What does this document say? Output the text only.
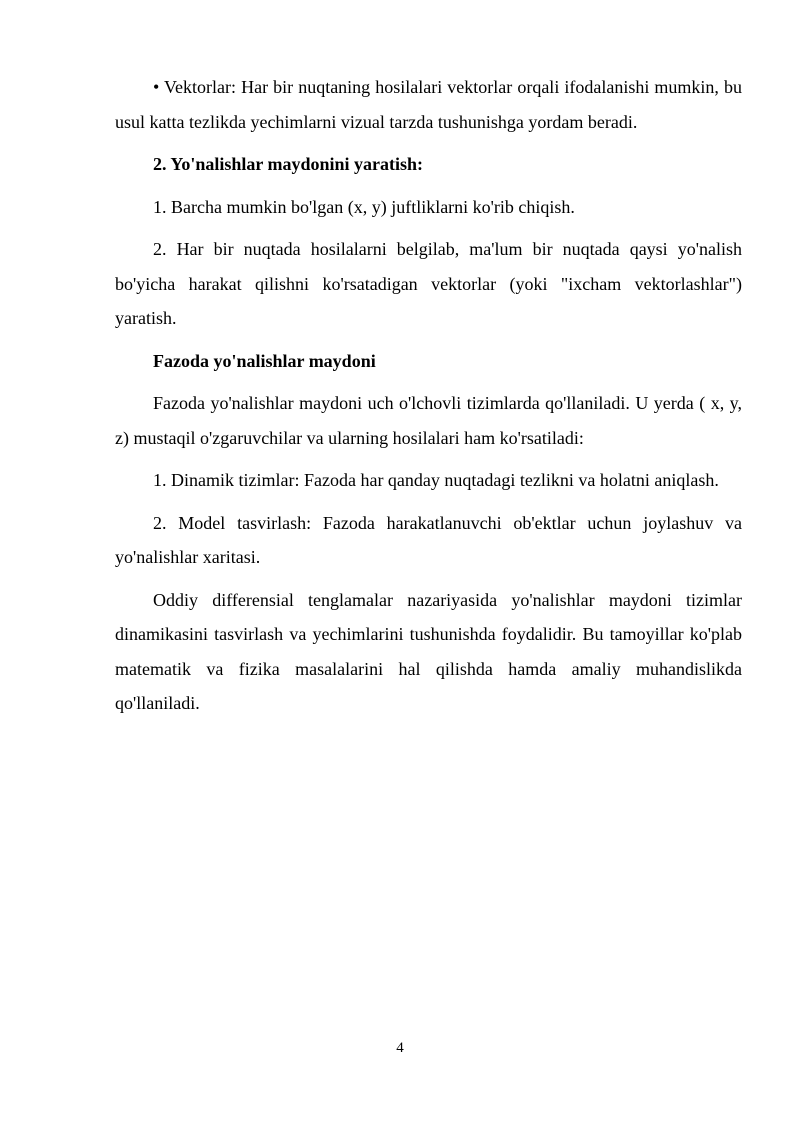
• Vektorlar: Har bir nuqtaning hosilalari vektorlar orqali ifodalanishi mumkin, bu usul katta tezlikda yechimlarni vizual tarzda tushunishga yordam beradi.

2. Yo'nalishlar maydonini yaratish:

1. Barcha mumkin bo'lgan (x, y) juftliklarni ko'rib chiqish.

2. Har bir nuqtada hosilalarni belgilab, ma'lum bir nuqtada qaysi yo'nalish bo'yicha harakat qilishni ko'rsatadigan vektorlar (yoki "ixcham vektorlashlar") yaratish.

Fazoda yo'nalishlar maydoni

Fazoda yo'nalishlar maydoni uch o'lchovli tizimlarda qo'llaniladi. U yerda ( x, y, z) mustaqil o'zgaruvchilar va ularning hosilalari ham ko'rsatiladi:

1. Dinamik tizimlar: Fazoda har qanday nuqtadagi tezlikni va holatni aniqlash.

2. Model tasvirlash: Fazoda harakatlanuvchi ob'ektlar uchun joylashuv va yo'nalishlar xaritasi.

Oddiy differensial tenglamalar nazariyasida yo'nalishlar maydoni tizimlar dinamikasini tasvirlash va yechimlarini tushunishda foydalidir. Bu tamoyillar ko'plab matematik va fizika masalalarini hal qilishda hamda amaliy muhandislikda qo'llaniladi.

4
